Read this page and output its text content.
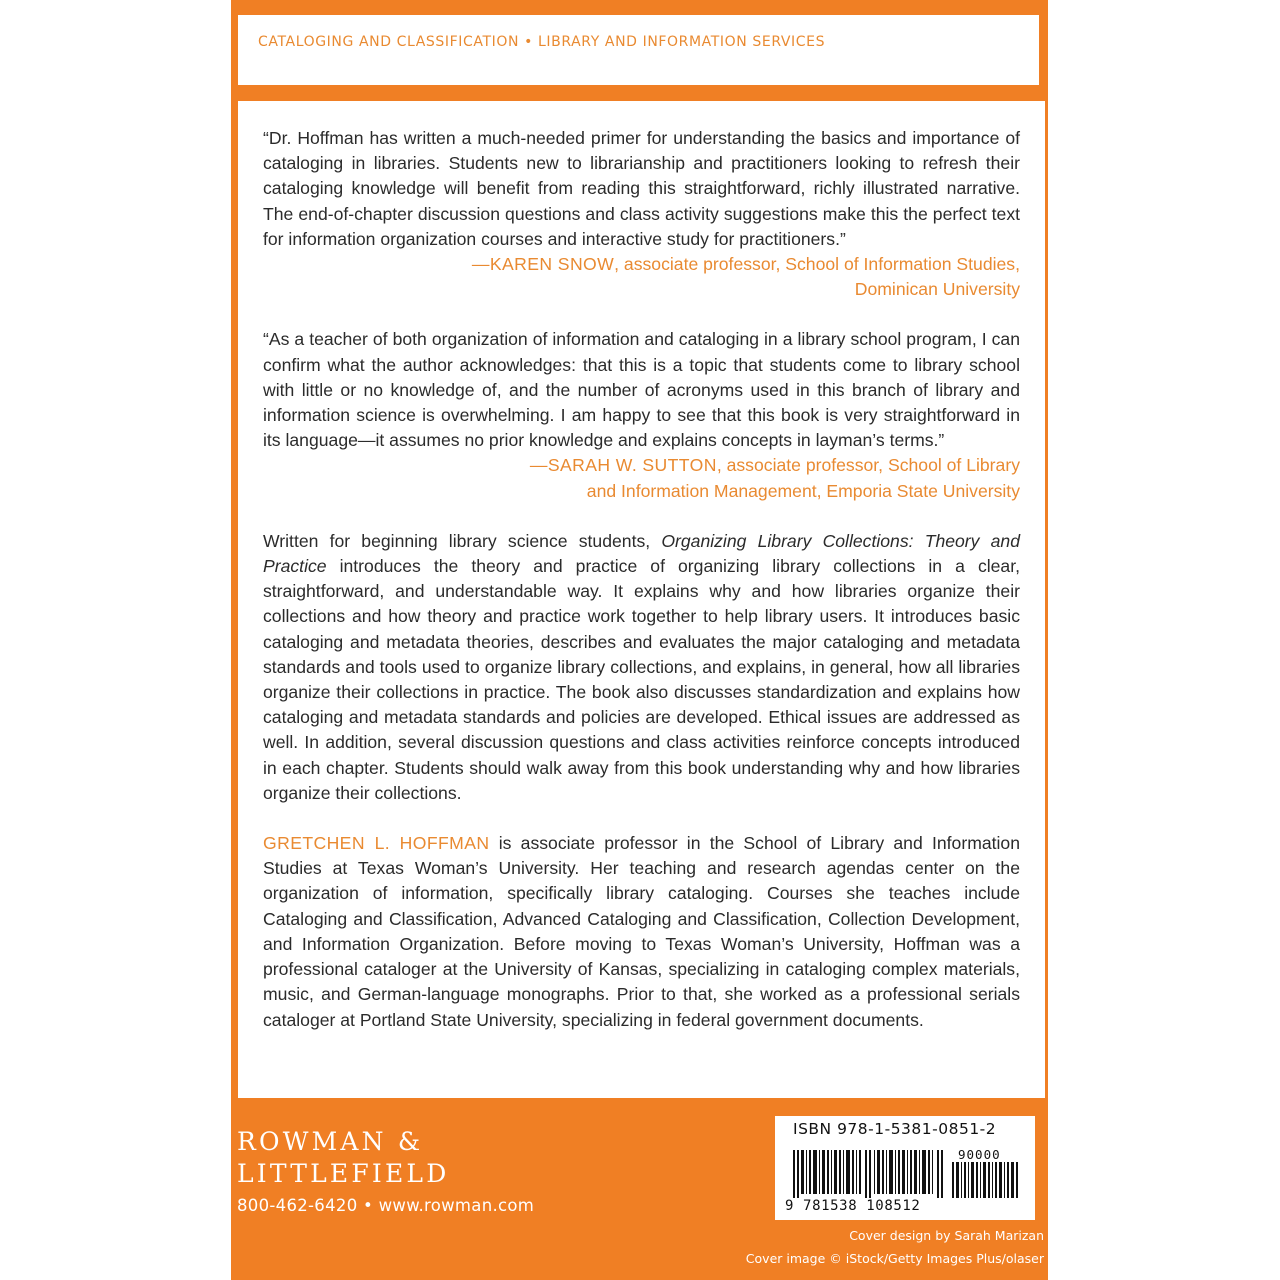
CATALOGING AND CLASSIFICATION • LIBRARY AND INFORMATION SERVICES

“Dr. Hoffman has written a much-needed primer for understanding the basics and importance of cataloging in libraries. Students new to librarianship and practitioners looking to refresh their cataloging knowledge will benefit from reading this straightforward, richly illustrated narrative. The end-of-chapter discussion questions and class activity suggestions make this the perfect text for information organization courses and interactive study for practitioners.”

—KAREN SNOW, associate professor, School of Information Studies,
Dominican University

“As a teacher of both organization of information and cataloging in a library school program, I can confirm what the author acknowledges: that this is a topic that students come to library school with little or no knowledge of, and the number of acronyms used in this branch of library and information science is overwhelming. I am happy to see that this book is very straightforward in its language—it assumes no prior knowledge and explains concepts in layman’s terms.”

—SARAH W. SUTTON, associate professor, School of Library
and Information Management, Emporia State University

Written for beginning library science students, Organizing Library Collections: Theory and Practice introduces the theory and practice of organizing library collections in a clear, straightforward, and understandable way. It explains why and how libraries organize their collections and how theory and practice work together to help library users. It introduces basic cataloging and metadata theories, describes and evaluates the major cataloging and metadata standards and tools used to organize library collections, and explains, in general, how all libraries organize their collections in practice. The book also discusses standardization and explains how cataloging and metadata standards and policies are developed. Ethical issues are addressed as well. In addition, several discussion questions and class activities reinforce concepts introduced in each chapter. Students should walk away from this book understanding why and how libraries organize their collections.

GRETCHEN L. HOFFMAN is associate professor in the School of Library and Information Studies at Texas Woman’s University. Her teaching and research agendas center on the organization of information, specifically library cataloging. Courses she teaches include Cataloging and Classification, Advanced Cataloging and Classification, Collection Development, and Information Organization. Before moving to Texas Woman’s University, Hoffman was a professional cataloger at the University of Kansas, specializing in cataloging complex materials, music, and German-language monographs. Prior to that, she worked as a professional serials cataloger at Portland State University, specializing in federal government documents.

ROWMAN &
LITTLEFIELD
800-462-6420 • www.rowman.com
ISBN 978-1-5381-0851-2
90000
9 781538 108512
Cover design by Sarah Marizan
Cover image © iStock/Getty Images Plus/olaser
